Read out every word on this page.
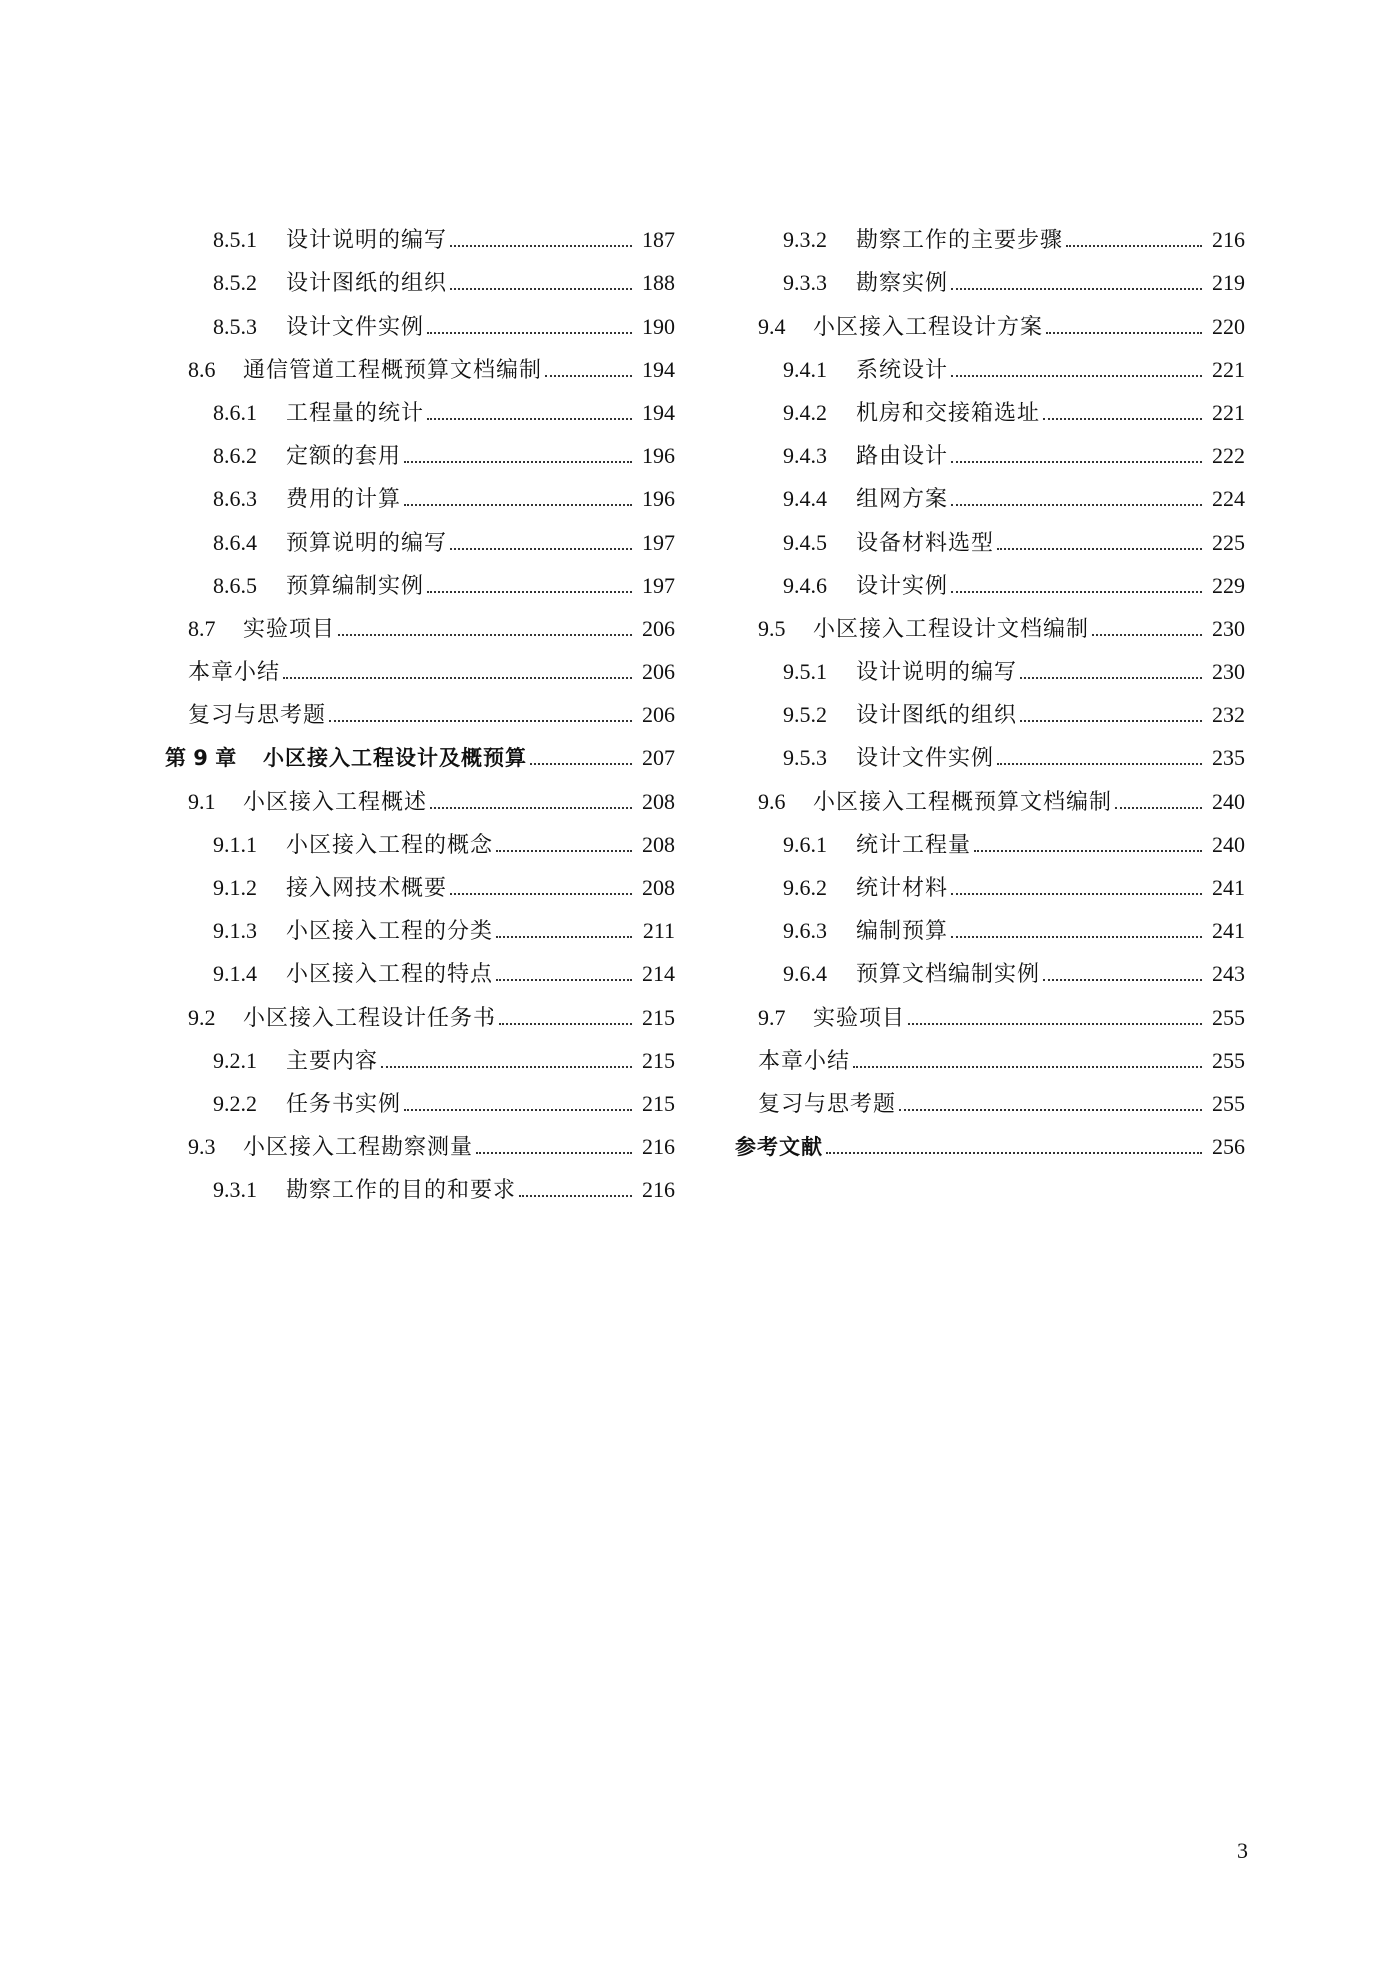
8.5.1	设计说明的编写	187
8.5.2	设计图纸的组织	188
8.5.3	设计文件实例	190
8.6	通信管道工程概预算文档编制	194
8.6.1	工程量的统计	194
8.6.2	定额的套用	196
8.6.3	费用的计算	196
8.6.4	预算说明的编写	197
8.6.5	预算编制实例	197
8.7	实验项目	206
本章小结	206
复习与思考题	206
第 9 章	小区接入工程设计及概预算	207
9.1	小区接入工程概述	208
9.1.1	小区接入工程的概念	208
9.1.2	接入网技术概要	208
9.1.3	小区接入工程的分类	211
9.1.4	小区接入工程的特点	214
9.2	小区接入工程设计任务书	215
9.2.1	主要内容	215
9.2.2	任务书实例	215
9.3	小区接入工程勘察测量	216
9.3.1	勘察工作的目的和要求	216
9.3.2	勘察工作的主要步骤	216
9.3.3	勘察实例	219
9.4	小区接入工程设计方案	220
9.4.1	系统设计	221
9.4.2	机房和交接箱选址	221
9.4.3	路由设计	222
9.4.4	组网方案	224
9.4.5	设备材料选型	225
9.4.6	设计实例	229
9.5	小区接入工程设计文档编制	230
9.5.1	设计说明的编写	230
9.5.2	设计图纸的组织	232
9.5.3	设计文件实例	235
9.6	小区接入工程概预算文档编制	240
9.6.1	统计工程量	240
9.6.2	统计材料	241
9.6.3	编制预算	241
9.6.4	预算文档编制实例	243
9.7	实验项目	255
本章小结	255
复习与思考题	255
参考文献	256
3
